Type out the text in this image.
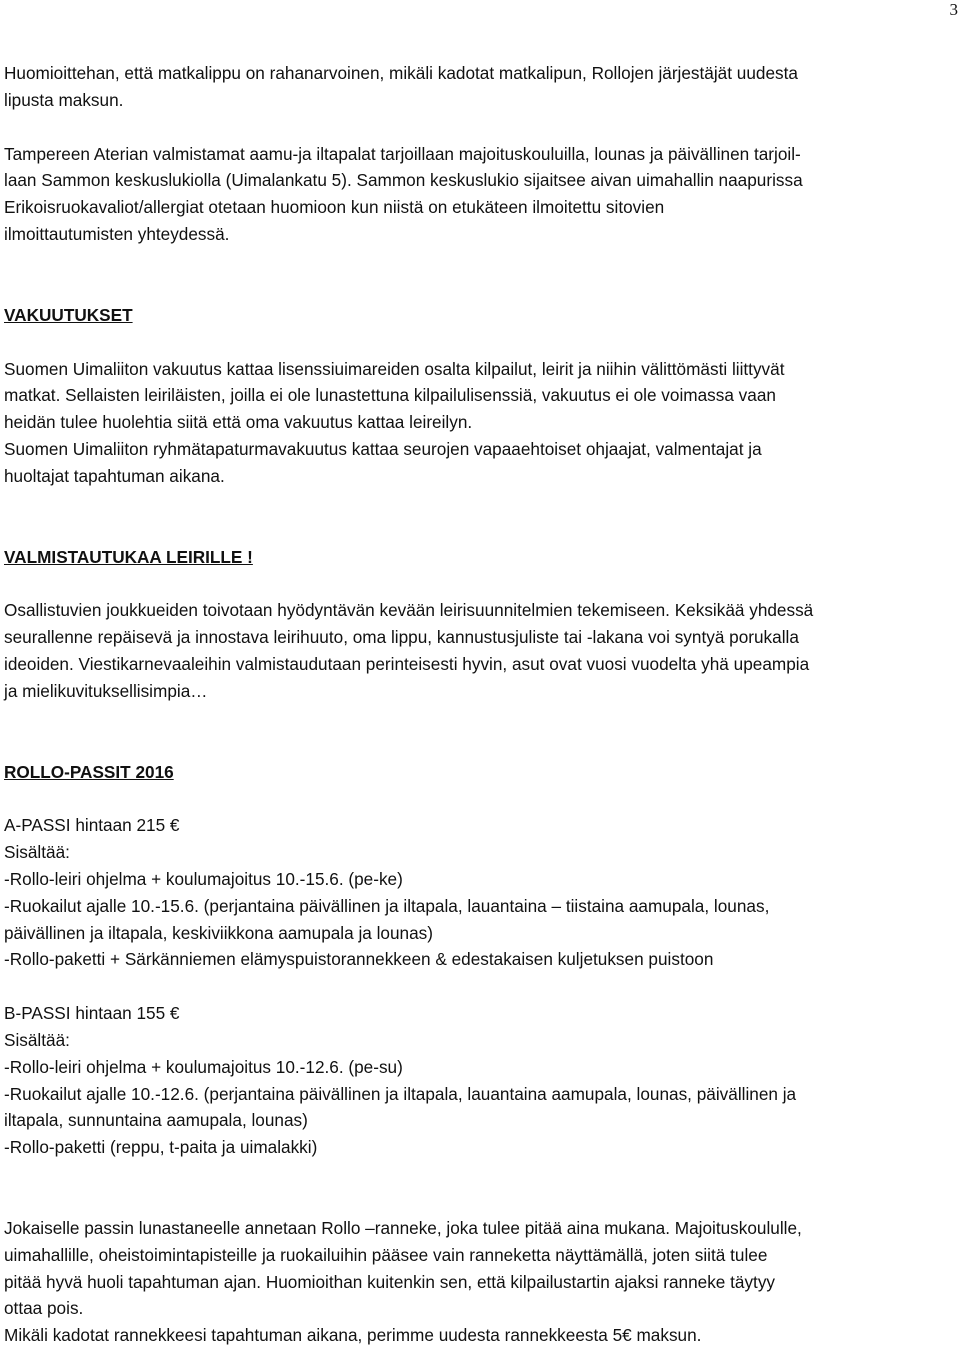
3

Huomioittehan, että matkalippu on rahanarvoinen, mikäli kadotat matkalipun, Rollojen järjestäjät uudesta
lipusta maksun.

Tampereen Aterian valmistamat aamu-ja iltapalat tarjoillaan majoituskouluilla, lounas ja päivällinen tarjoil-
laan Sammon keskuslukiolla (Uimalankatu 5). Sammon keskuslukio sijaitsee aivan uimahallin naapurissa
Erikoisruokavaliot/allergiat otetaan huomioon kun niistä on etukäteen ilmoitettu sitovien
ilmoittautumisten yhteydessä.

VAKUUTUKSET

Suomen Uimaliiton vakuutus kattaa lisenssiuimareiden osalta kilpailut, leirit ja niihin välittömästi liittyvät
matkat. Sellaisten leiriläisten, joilla ei ole lunastettuna kilpailulisenssiä, vakuutus ei ole voimassa vaan
heidän tulee huolehtia siitä että oma vakuutus kattaa leireilyn.
Suomen Uimaliiton ryhmätapaturmavakuutus kattaa seurojen vapaaehtoiset ohjaajat, valmentajat ja
huoltajat tapahtuman aikana.

VALMISTAUTUKAA LEIRILLE !

Osallistuvien joukkueiden toivotaan hyödyntävän kevään leirisuunnitelmien tekemiseen. Keksikää yhdessä
seurallenne repäisevä ja innostava leirihuuto, oma lippu, kannustusjuliste tai -lakana voi syntyä porukalla
ideoiden. Viestikarnevaaleihin valmistaudutaan perinteisesti hyvin, asut ovat vuosi vuodelta yhä upeampia
ja mielikuvituksellisimpia…

ROLLO-PASSIT 2016

A-PASSI hintaan 215 €
Sisältää:
-Rollo-leiri ohjelma + koulumajoitus 10.-15.6. (pe-ke)
-Ruokailut ajalle 10.-15.6. (perjantaina päivällinen ja iltapala, lauantaina – tiistaina aamupala, lounas,
päivällinen ja iltapala, keskiviikkona aamupala ja lounas)
-Rollo-paketti + Särkänniemen elämyspuistorannekkeen & edestakaisen kuljetuksen puistoon

B-PASSI hintaan 155 €
Sisältää:
-Rollo-leiri ohjelma + koulumajoitus 10.-12.6. (pe-su)
-Ruokailut ajalle 10.-12.6. (perjantaina päivällinen ja iltapala, lauantaina aamupala, lounas, päivällinen ja
iltapala, sunnuntaina aamupala, lounas)
-Rollo-paketti (reppu, t-paita ja uimalakki)

Jokaiselle passin lunastaneelle annetaan Rollo –ranneke, joka tulee pitää aina mukana. Majoituskoululle,
uimahallille, oheistoimintapisteille ja ruokailuihin pääsee vain ranneketta näyttämällä, joten siitä tulee
pitää hyvä huoli tapahtuman ajan. Huomioithan kuitenkin sen, että kilpailustartin ajaksi ranneke täytyy
ottaa pois.
Mikäli kadotat rannekkeesi tapahtuman aikana, perimme uudesta rannekkeesta 5€ maksun.
